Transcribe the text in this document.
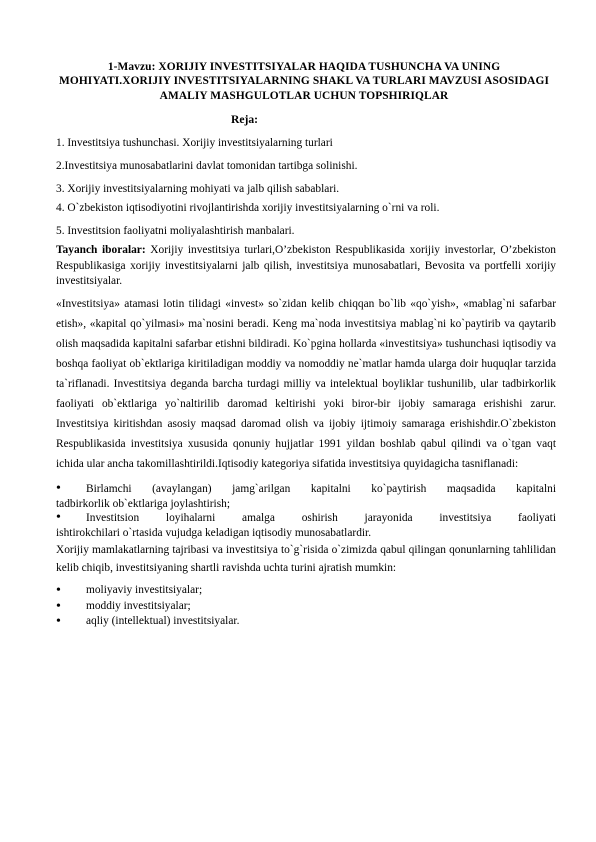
1-Mavzu: XORIJIY INVESTITSIYALAR HAQIDA TUSHUNCHA VA UNING MOHIYATI.XORIJIY INVESTITSIYALARNING SHAKL VA TURLARI MAVZUSI ASOSIDAGI AMALIY MASHGULOTLAR UCHUN TOPSHIRIQLAR
Reja:
1. Investitsiya tushunchasi. Xorijiy investitsiyalarning turlari
2.Investitsiya munosabatlarini davlat tomonidan tartibga solinishi.
3. Xorijiy investitsiyalarning mohiyati va jalb qilish sabablari.
4. O`zbekiston iqtisodiyotini rivojlantirishda xorijiy investitsiyalarning o`rni va roli.
5. Investitsion faoliyatni moliyalashtirish manbalari.

Tayanch iboralar: Xorijiy investitsiya turlari,O’zbekiston Respublikasida xorijiy investorlar, O’zbekiston Respublikasiga xorijiy investitsiyalarni jalb qilish, investitsiya munosabatlari, Bevosita va portfelli xorijiy investitsiyalar.

«Investitsiya» atamasi lotin tilidagi «invest» so`zidan kelib chiqqan bo`lib «qo`yish», «mablag`ni safarbar etish», «kapital qo`yilmasi» ma`nosini beradi. Keng ma`noda investitsiya mablag`ni ko`paytirib va qaytarib olish maqsadida kapitalni safarbar etishni bildiradi. Ko`pgina hollarda «investitsiya» tushunchasi iqtisodiy va boshqa faoliyat ob`ektlariga kiritiladigan moddiy va nomoddiy ne`matlar hamda ularga doir huquqlar tarzida ta`riflanadi. Investitsiya deganda barcha turdagi milliy va intelektual boyliklar tushunilib, ular tadbirkorlik faoliyati ob`ektlariga yo`naltirilib daromad keltirishi yoki biror-bir ijobiy samaraga erishishi zarur. Investitsiya kiritishdan asosiy maqsad daromad olish va ijobiy ijtimoiy samaraga erishishdir.O`zbekiston Respublikasida investitsiya xususida qonuniy hujjatlar 1991 yildan boshlab qabul qilindi va o`tgan vaqt ichida ular ancha takomillashtirildi.Iqtisodiy kategoriya sifatida investitsiya quyidagicha tasniflanadi:

•	Birlamchi (avaylangan) jamg`arilgan kapitalni ko`paytirish maqsadida kapitalni
tadbirkorlik ob`ektlariga joylashtirish;
•	Investitsion loyihalarni amalga oshirish jarayonida investitsiya faoliyati
ishtirokchilari o`rtasida vujudga keladigan iqtisodiy munosabatlardir.

Xorijiy mamlakatlarning tajribasi va investitsiya to`g`risida o`zimizda qabul qilingan qonunlarning tahlilidan kelib chiqib, investitsiyaning shartli ravishda uchta turini ajratish mumkin:

•	moliyaviy investitsiyalar;
•	moddiy investitsiyalar;
•	aqliy (intellektual) investitsiyalar.
